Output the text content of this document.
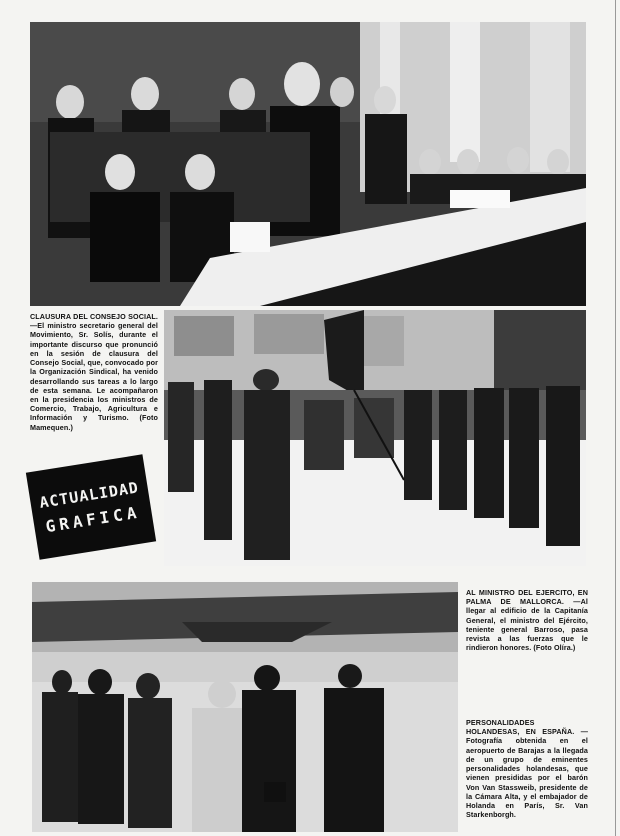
CLAUSURA DEL CONSEJO SOCIAL. —El ministro secretario general del Movimiento, Sr. Solís, durante el importante discurso que pronunció en la sesión de clausura del Consejo Social, que, convocado por la Organización Sindical, ha venido desarrollando sus tareas a lo largo de esta semana. Le acompañaron en la presidencia los ministros de Comercio, Trabajo, Agricultura e Información y Turismo. (Foto Mamequen.)
ACTUALIDAD
GRAFICA
AL MINISTRO DEL EJERCITO, EN PALMA DE MALLORCA. —Al llegar al edificio de la Capitanía General, el ministro del Ejército, teniente general Barroso, pasa revista a las fuerzas que le rindieron honores. (Foto Olíra.)
PERSONALIDADES HOLANDESAS, EN ESPAÑA. —Fotografía obtenida en el aeropuerto de Barajas a la llegada de un grupo de eminentes personalidades holandesas, que vienen presididas por el barón Von Van Stassweib, presidente de la Cámara Alta, y el embajador de Holanda en París, Sr. Van Starkenborgh.
